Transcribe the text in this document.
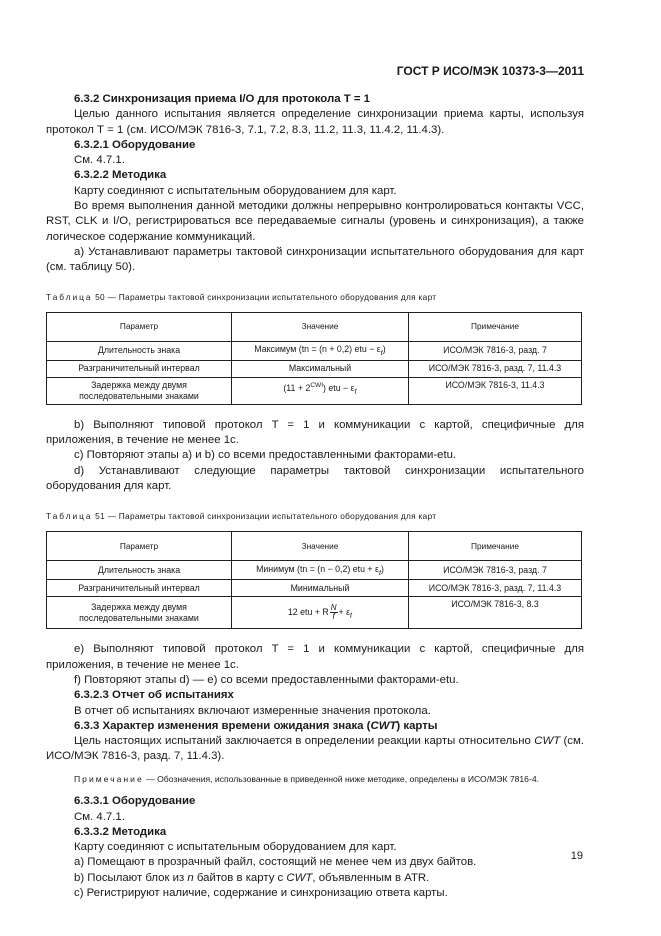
ГОСТ Р ИСО/МЭК 10373-3—2011

6.3.2 Синхронизация приема I/O для протокола T = 1

Целью данного испытания является определение синхронизации приема карты, используя протокол Т = 1 (см. ИСО/МЭК 7816-3, 7.1, 7.2, 8.3, 11.2, 11.3, 11.4.2, 11.4.3).

6.3.2.1 Оборудование

См. 4.7.1.

6.3.2.2 Методика

Карту соединяют с испытательным оборудованием для карт.

Во время выполнения данной методики должны непрерывно контролироваться контакты VCC, RST, CLK и I/O, регистрироваться все передаваемые сигналы (уровень и синхронизация), а также логическое содержание коммуникаций.

a) Устанавливают параметры тактовой синхронизации испытательного оборудования для карт (см. таблицу 50).

Таблица 50 — Параметры тактовой синхронизации испытательного оборудования для карт

Параметр	Значение	Примечание
Длительность знака	Максимум (tn = (n + 0,2) etu − $\varepsilon_t$)	ИСО/МЭК 7816-3, разд. 7
Разграничительный интервал	Максимальный	ИСО/МЭК 7816-3, разд. 7, 11.4.3
Задержка между двумя последовательными знаками	$(11 + 2^{CWI})$ etu − $\varepsilon_t$	ИСО/МЭК 7816-3, 11.4.3

b) Выполняют типовой протокол T = 1 и коммуникации с картой, специфичные для приложения, в течение не менее 1с.

c) Повторяют этапы a) и b) со всеми предоставленными факторами-etu.

d) Устанавливают следующие параметры тактовой синхронизации испытательного оборудования для карт.

Таблица 51 — Параметры тактовой синхронизации испытательного оборудования для карт

Параметр	Значение	Примечание
Длительность знака	Минимум (tn = (n − 0,2) etu + $\varepsilon_t$)	ИСО/МЭК 7816-3, разд. 7
Разграничительный интервал	Минимальный	ИСО/МЭК 7816-3, разд. 7, 11.4.3
Задержка между двумя последовательными знаками	12 etu + R $\frac{N}{f} + \varepsilon_t$	ИСО/МЭК 7816-3, 8.3

e) Выполняют типовой протокол T = 1 и коммуникации с картой, специфичные для приложения, в течение не менее 1с.

f) Повторяют этапы d) — e) со всеми предоставленными факторами-etu.

6.3.2.3 Отчет об испытаниях

В отчет об испытаниях включают измеренные значения протокола.

6.3.3 Характер изменения времени ожидания знака (CWT) карты

Цель настоящих испытаний заключается в определении реакции карты относительно CWT (см. ИСО/МЭК 7816-3, разд. 7, 11.4.3).

Примечание — Обозначения, использованные в приведенной ниже методике, определены в ИСО/МЭК 7816-4.

6.3.3.1 Оборудование

См. 4.7.1.

6.3.3.2 Методика

Карту соединяют с испытательным оборудованием для карт.

a) Помещают в прозрачный файл, состоящий не менее чем из двух байтов.

b) Посылают блок из n байтов в карту с CWT, объявленным в ATR.

c) Регистрируют наличие, содержание и синхронизацию ответа карты.

19
